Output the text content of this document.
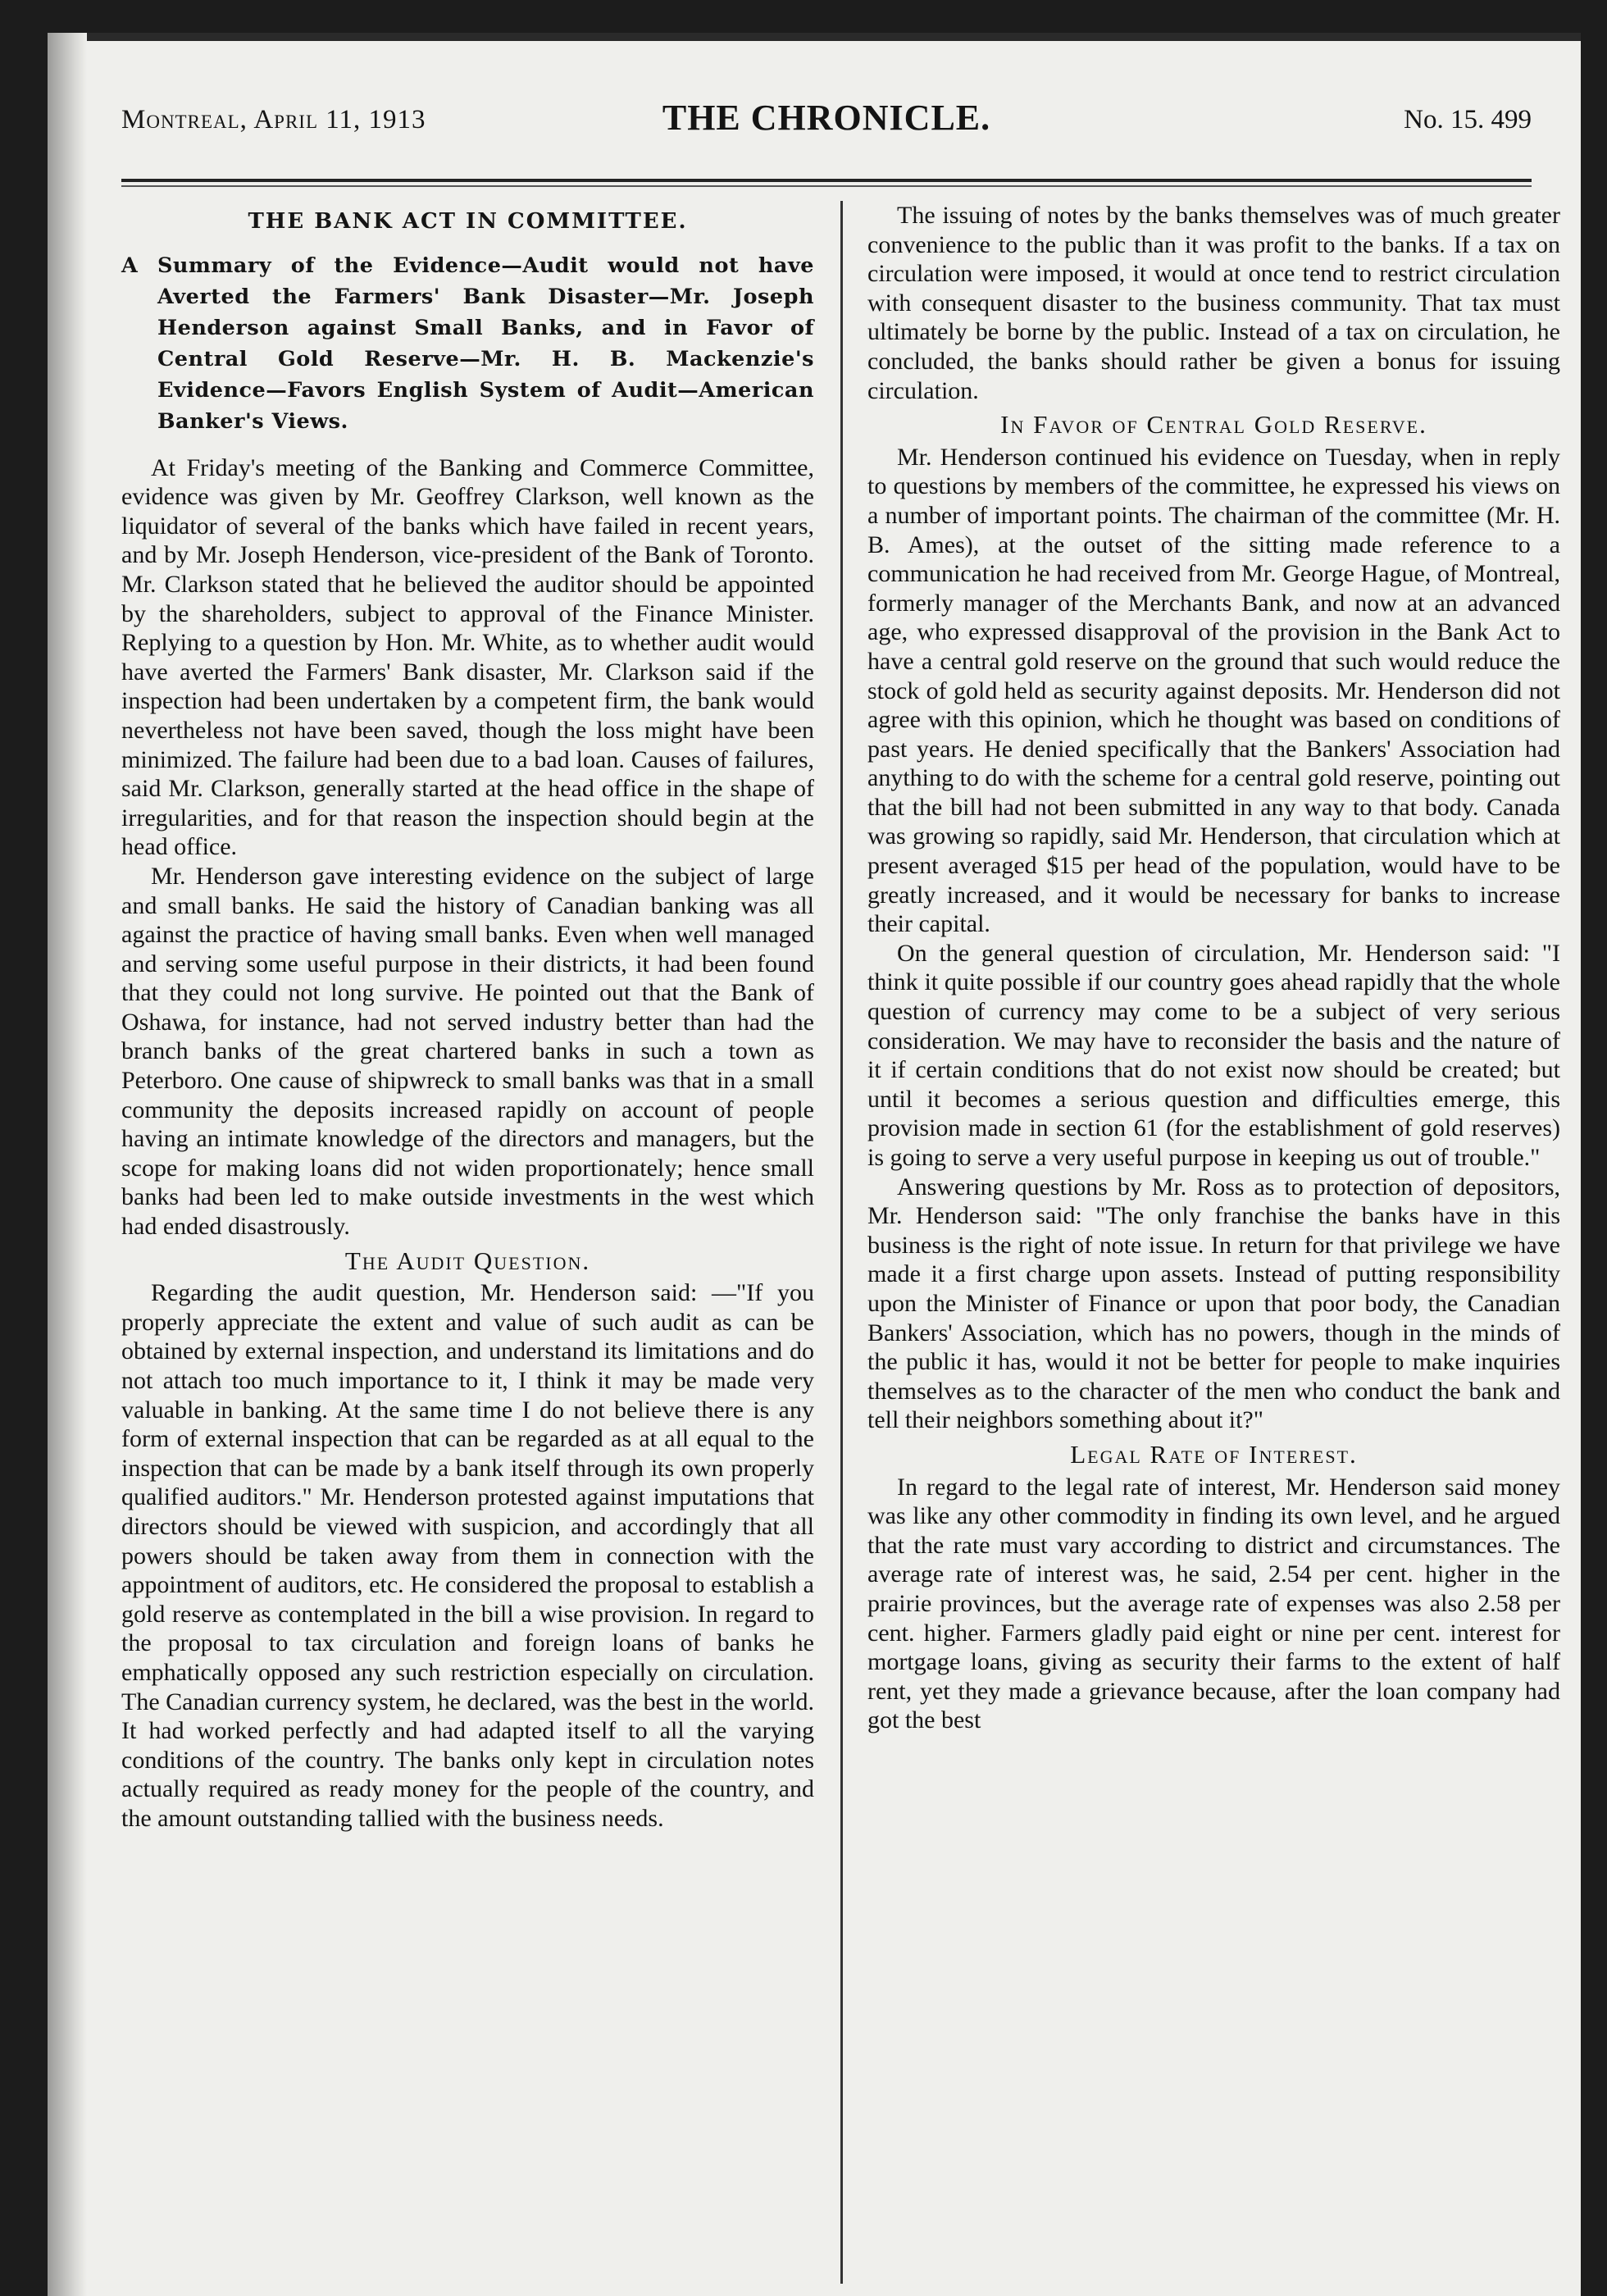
Montreal, April 11, 1913	THE CHRONICLE.	No. 15. 499
THE BANK ACT IN COMMITTEE.
A Summary of the Evidence—Audit would not have Averted the Farmers' Bank Disaster—Mr. Joseph Henderson against Small Banks, and in Favor of Central Gold Reserve—Mr. H. B. Mackenzie's Evidence—Favors English System of Audit—American Banker's Views.

At Friday's meeting of the Banking and Commerce Committee, evidence was given by Mr. Geoffrey Clarkson, well known as the liquidator of several of the banks which have failed in recent years, and by Mr. Joseph Henderson, vice-president of the Bank of Toronto. Mr. Clarkson stated that he believed the auditor should be appointed by the shareholders, subject to approval of the Finance Minister. Replying to a question by Hon. Mr. White, as to whether audit would have averted the Farmers' Bank disaster, Mr. Clarkson said if the inspection had been undertaken by a competent firm, the bank would nevertheless not have been saved, though the loss might have been minimized. The failure had been due to a bad loan. Causes of failures, said Mr. Clarkson, generally started at the head office in the shape of irregularities, and for that reason the inspection should begin at the head office.

Mr. Henderson gave interesting evidence on the subject of large and small banks. He said the history of Canadian banking was all against the practice of having small banks. Even when well managed and serving some useful purpose in their districts, it had been found that they could not long survive. He pointed out that the Bank of Oshawa, for instance, had not served industry better than had the branch banks of the great chartered banks in such a town as Peterboro. One cause of shipwreck to small banks was that in a small community the deposits increased rapidly on account of people having an intimate knowledge of the directors and managers, but the scope for making loans did not widen proportionately; hence small banks had been led to make outside investments in the west which had ended disastrously.

The Audit Question.

Regarding the audit question, Mr. Henderson said: —"If you properly appreciate the extent and value of such audit as can be obtained by external inspection, and understand its limitations and do not attach too much importance to it, I think it may be made very valuable in banking. At the same time I do not believe there is any form of external inspection that can be regarded as at all equal to the inspection that can be made by a bank itself through its own properly qualified auditors." Mr. Henderson protested against imputations that directors should be viewed with suspicion, and accordingly that all powers should be taken away from them in connection with the appointment of auditors, etc. He considered the proposal to establish a gold reserve as contemplated in the bill a wise provision. In regard to the proposal to tax circulation and foreign loans of banks he emphatically opposed any such restriction especially on circulation. The Canadian currency system, he declared, was the best in the world. It had worked perfectly and had adapted itself to all the varying conditions of the country. The banks only kept in circulation notes actually required as ready money for the people of the country, and the amount outstanding tallied with the business needs.

The issuing of notes by the banks themselves was of much greater convenience to the public than it was profit to the banks. If a tax on circulation were imposed, it would at once tend to restrict circulation with consequent disaster to the business community. That tax must ultimately be borne by the public. Instead of a tax on circulation, he concluded, the banks should rather be given a bonus for issuing circulation.

In Favor of Central Gold Reserve.

Mr. Henderson continued his evidence on Tuesday, when in reply to questions by members of the committee, he expressed his views on a number of important points. The chairman of the committee (Mr. H. B. Ames), at the outset of the sitting made reference to a communication he had received from Mr. George Hague, of Montreal, formerly manager of the Merchants Bank, and now at an advanced age, who expressed disapproval of the provision in the Bank Act to have a central gold reserve on the ground that such would reduce the stock of gold held as security against deposits. Mr. Henderson did not agree with this opinion, which he thought was based on conditions of past years. He denied specifically that the Bankers' Association had anything to do with the scheme for a central gold reserve, pointing out that the bill had not been submitted in any way to that body. Canada was growing so rapidly, said Mr. Henderson, that circulation which at present averaged $15 per head of the population, would have to be greatly increased, and it would be necessary for banks to increase their capital.

On the general question of circulation, Mr. Henderson said: "I think it quite possible if our country goes ahead rapidly that the whole question of currency may come to be a subject of very serious consideration. We may have to reconsider the basis and the nature of it if certain conditions that do not exist now should be created; but until it becomes a serious question and difficulties emerge, this provision made in section 61 (for the establishment of gold reserves) is going to serve a very useful purpose in keeping us out of trouble."

Answering questions by Mr. Ross as to protection of depositors, Mr. Henderson said: "The only franchise the banks have in this business is the right of note issue. In return for that privilege we have made it a first charge upon assets. Instead of putting responsibility upon the Minister of Finance or upon that poor body, the Canadian Bankers' Association, which has no powers, though in the minds of the public it has, would it not be better for people to make inquiries themselves as to the character of the men who conduct the bank and tell their neighbors something about it?"

Legal Rate of Interest.

In regard to the legal rate of interest, Mr. Henderson said money was like any other commodity in finding its own level, and he argued that the rate must vary according to district and circumstances. The average rate of interest was, he said, 2.54 per cent. higher in the prairie provinces, but the average rate of expenses was also 2.58 per cent. higher. Farmers gladly paid eight or nine per cent. interest for mortgage loans, giving as security their farms to the extent of half rent, yet they made a grievance because, after the loan company had got the best
